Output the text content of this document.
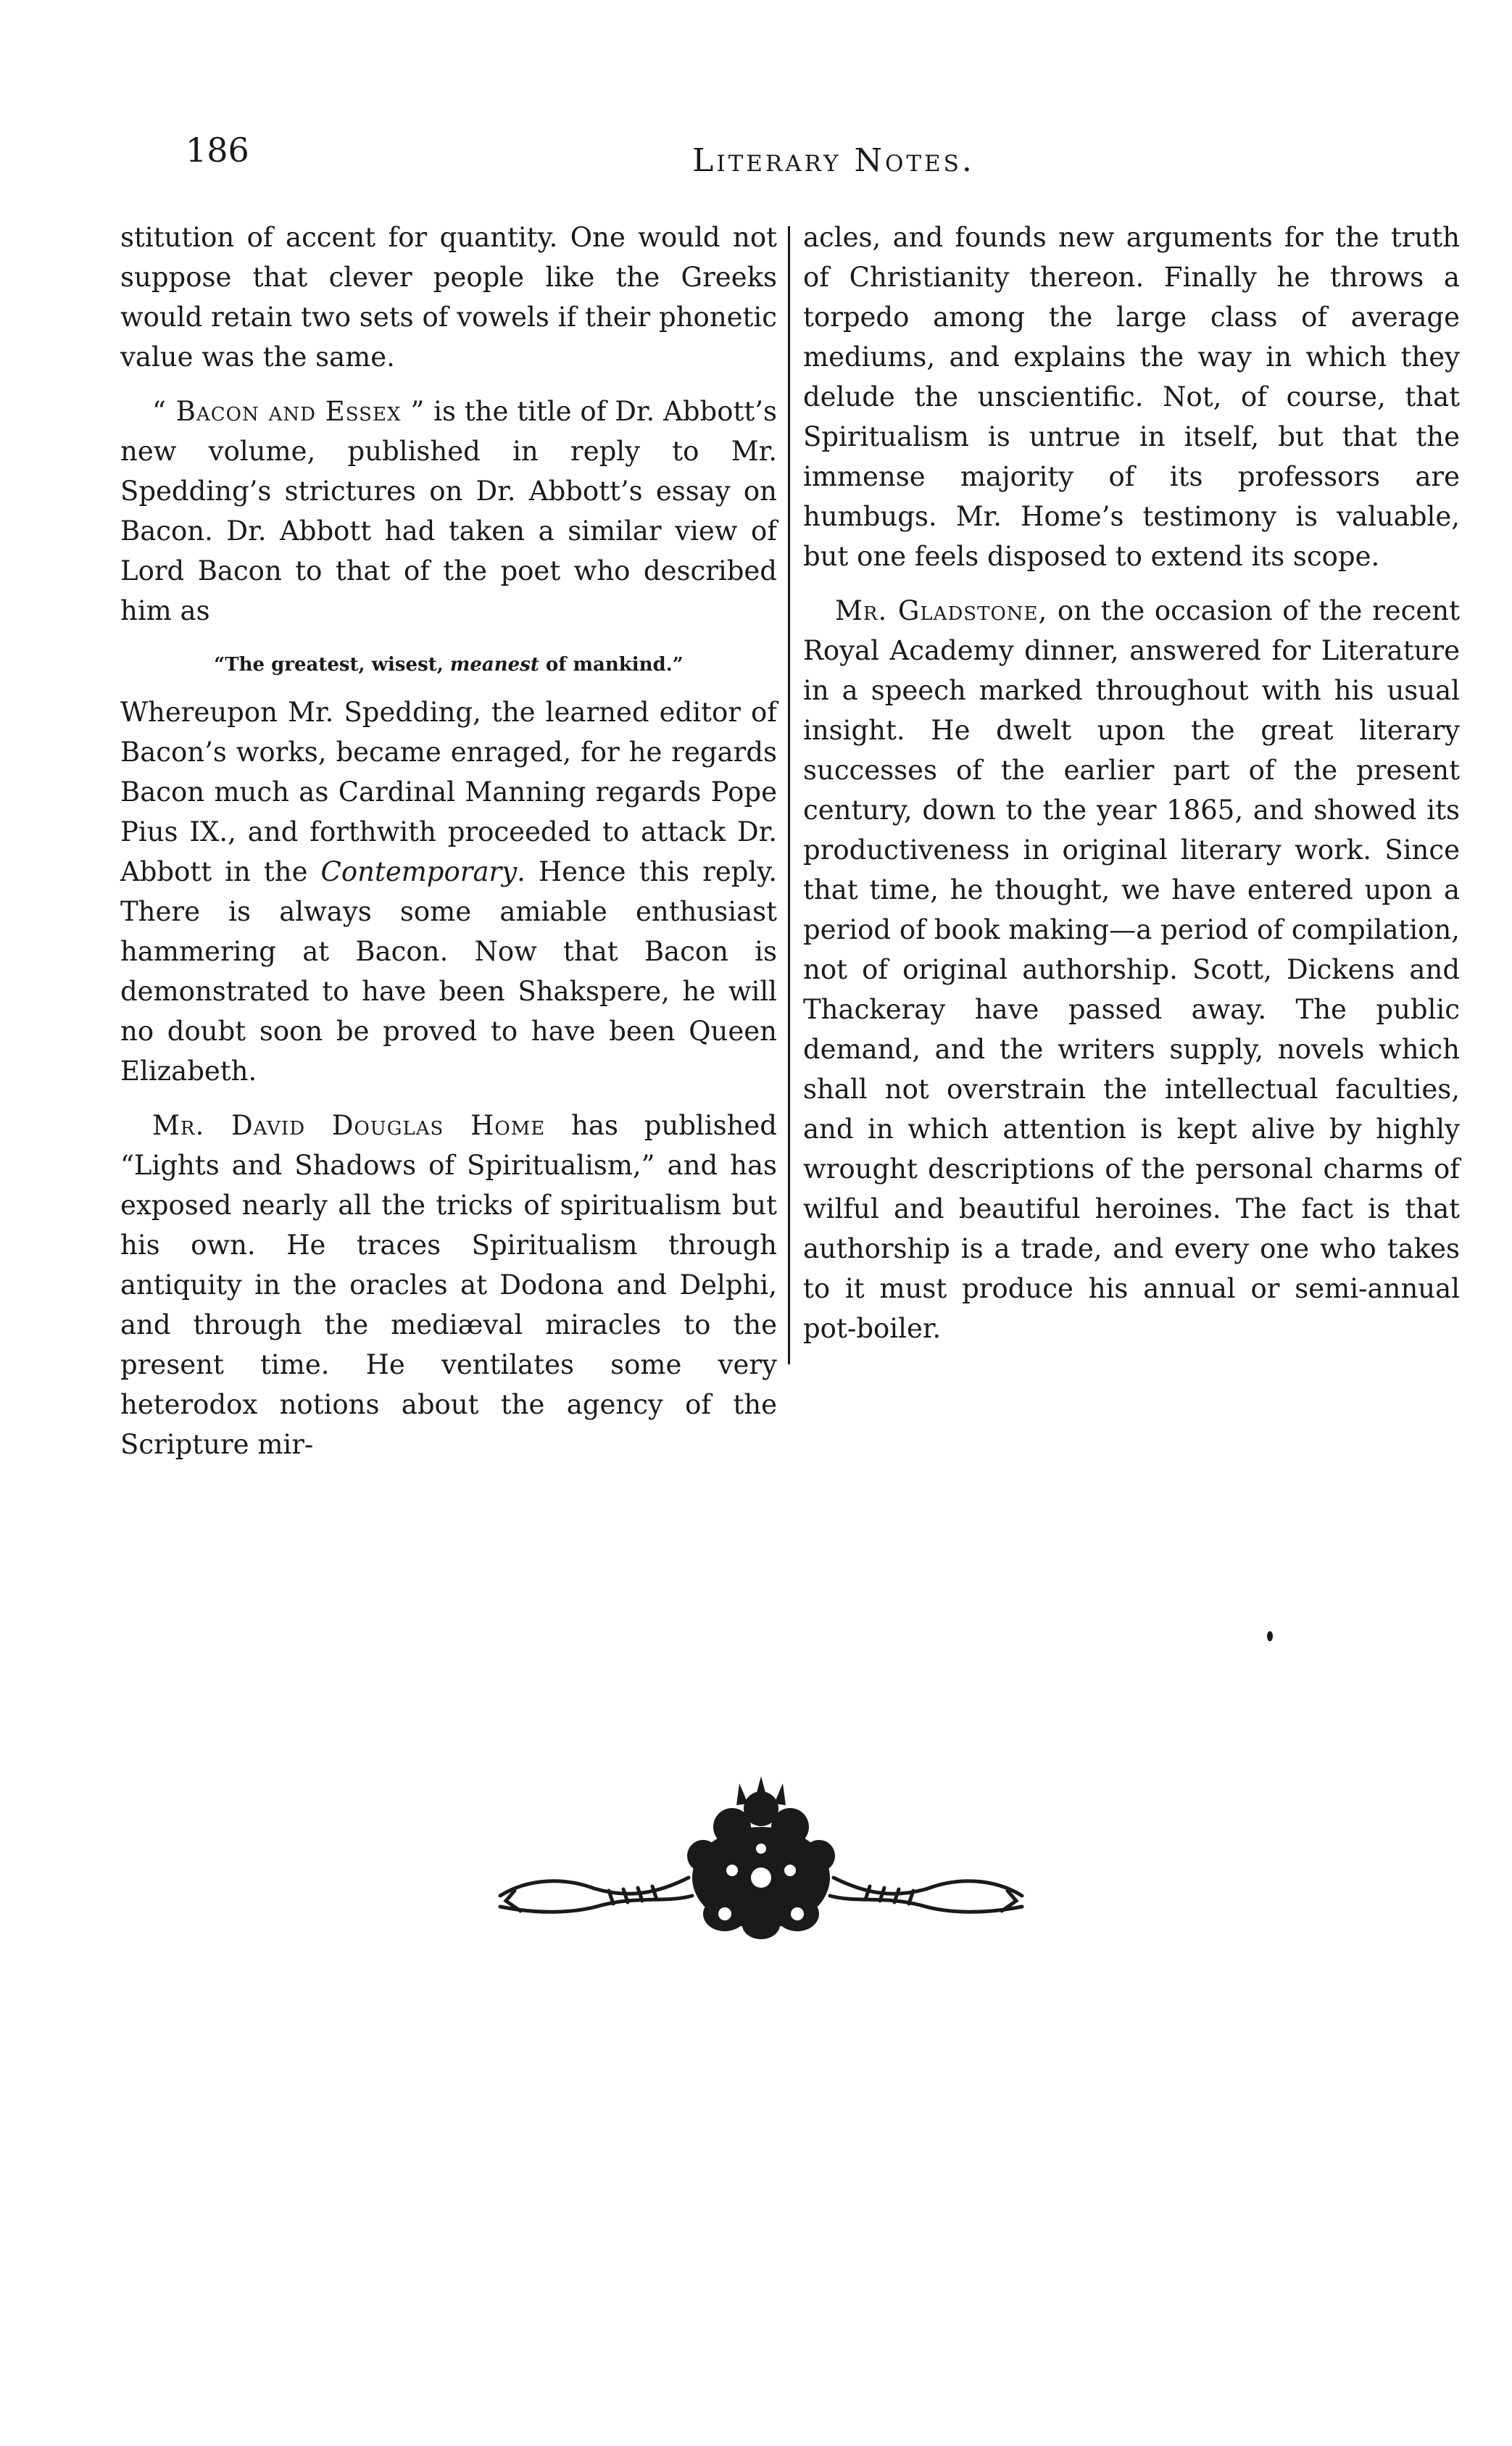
186	Literary Notes.

stitution of accent for quantity. One would not suppose that clever people like the Greeks would retain two sets of vowels if their phonetic value was the same.

“ Bacon and Essex ” is the title of Dr. Abbott’s new volume, published in reply to Mr. Spedding’s strictures on Dr. Abbott’s essay on Bacon. Dr. Abbott had taken a similar view of Lord Bacon to that of the poet who described him as

“The greatest, wisest, meanest of mankind.”

Whereupon Mr. Spedding, the learned editor of Bacon’s works, became enraged, for he regards Bacon much as Cardinal Manning regards Pope Pius IX., and forthwith proceeded to attack Dr. Abbott in the Contemporary. Hence this reply. There is always some amiable enthusiast hammering at Bacon. Now that Bacon is demonstrated to have been Shakspere, he will no doubt soon be proved to have been Queen Elizabeth.

Mr. David Douglas Home has published “Lights and Shadows of Spiritualism,” and has exposed nearly all the tricks of spiritualism but his own. He traces Spiritualism through antiquity in the oracles at Dodona and Delphi, and through the mediæval miracles to the present time. He ventilates some very heterodox notions about the agency of the Scripture mir-

acles, and founds new arguments for the truth of Christianity thereon. Finally he throws a torpedo among the large class of average mediums, and explains the way in which they delude the unscientific. Not, of course, that Spiritualism is untrue in itself, but that the immense majority of its professors are humbugs. Mr. Home’s testimony is valuable, but one feels disposed to extend its scope.

Mr. Gladstone, on the occasion of the recent Royal Academy dinner, answered for Literature in a speech marked throughout with his usual insight. He dwelt upon the great literary successes of the earlier part of the present century, down to the year 1865, and showed its productiveness in original literary work. Since that time, he thought, we have entered upon a period of book making—a period of compilation, not of original authorship. Scott, Dickens and Thackeray have passed away. The public demand, and the writers supply, novels which shall not overstrain the intellectual faculties, and in which attention is kept alive by highly wrought descriptions of the personal charms of wilful and beautiful heroines. The fact is that authorship is a trade, and every one who takes to it must produce his annual or semi-annual pot-boiler.
